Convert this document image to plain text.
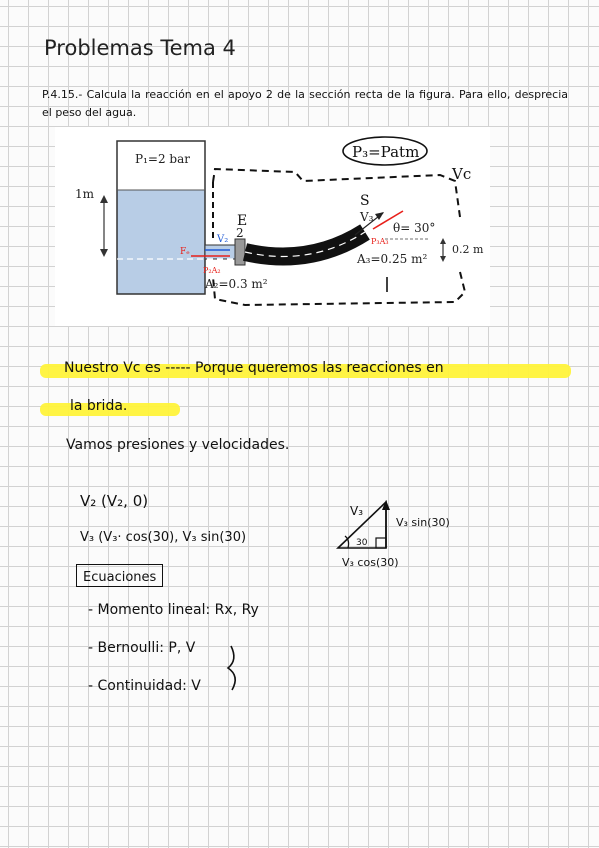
Problemas Tema 4
P.4.15.- Calcula la reacción en el apoyo 2 de la sección recta de la figura. Para ello, desprecia el peso del agua.
1m
P₁=2 bar
V₃
θ= 30°
A₃=0.25 m²
0.2 m
A₂=0.3 m²
2
E
S
P₃=Patm
Vc
V₂
Fₑ
P₂A₂
P₃A₃
Nuestro Vc es ----- Porque queremos las reacciones en
la brida.
Vamos presiones y velocidades.
V₂ (V₂, 0)
V₃ (V₃· cos(30), V₃ sin(30)
Ecuaciones
- Momento lineal: Rx, Ry
- Bernoulli: P, V
- Continuidad: V
V₃
V₃ sin(30)
V₃ cos(30)
30
